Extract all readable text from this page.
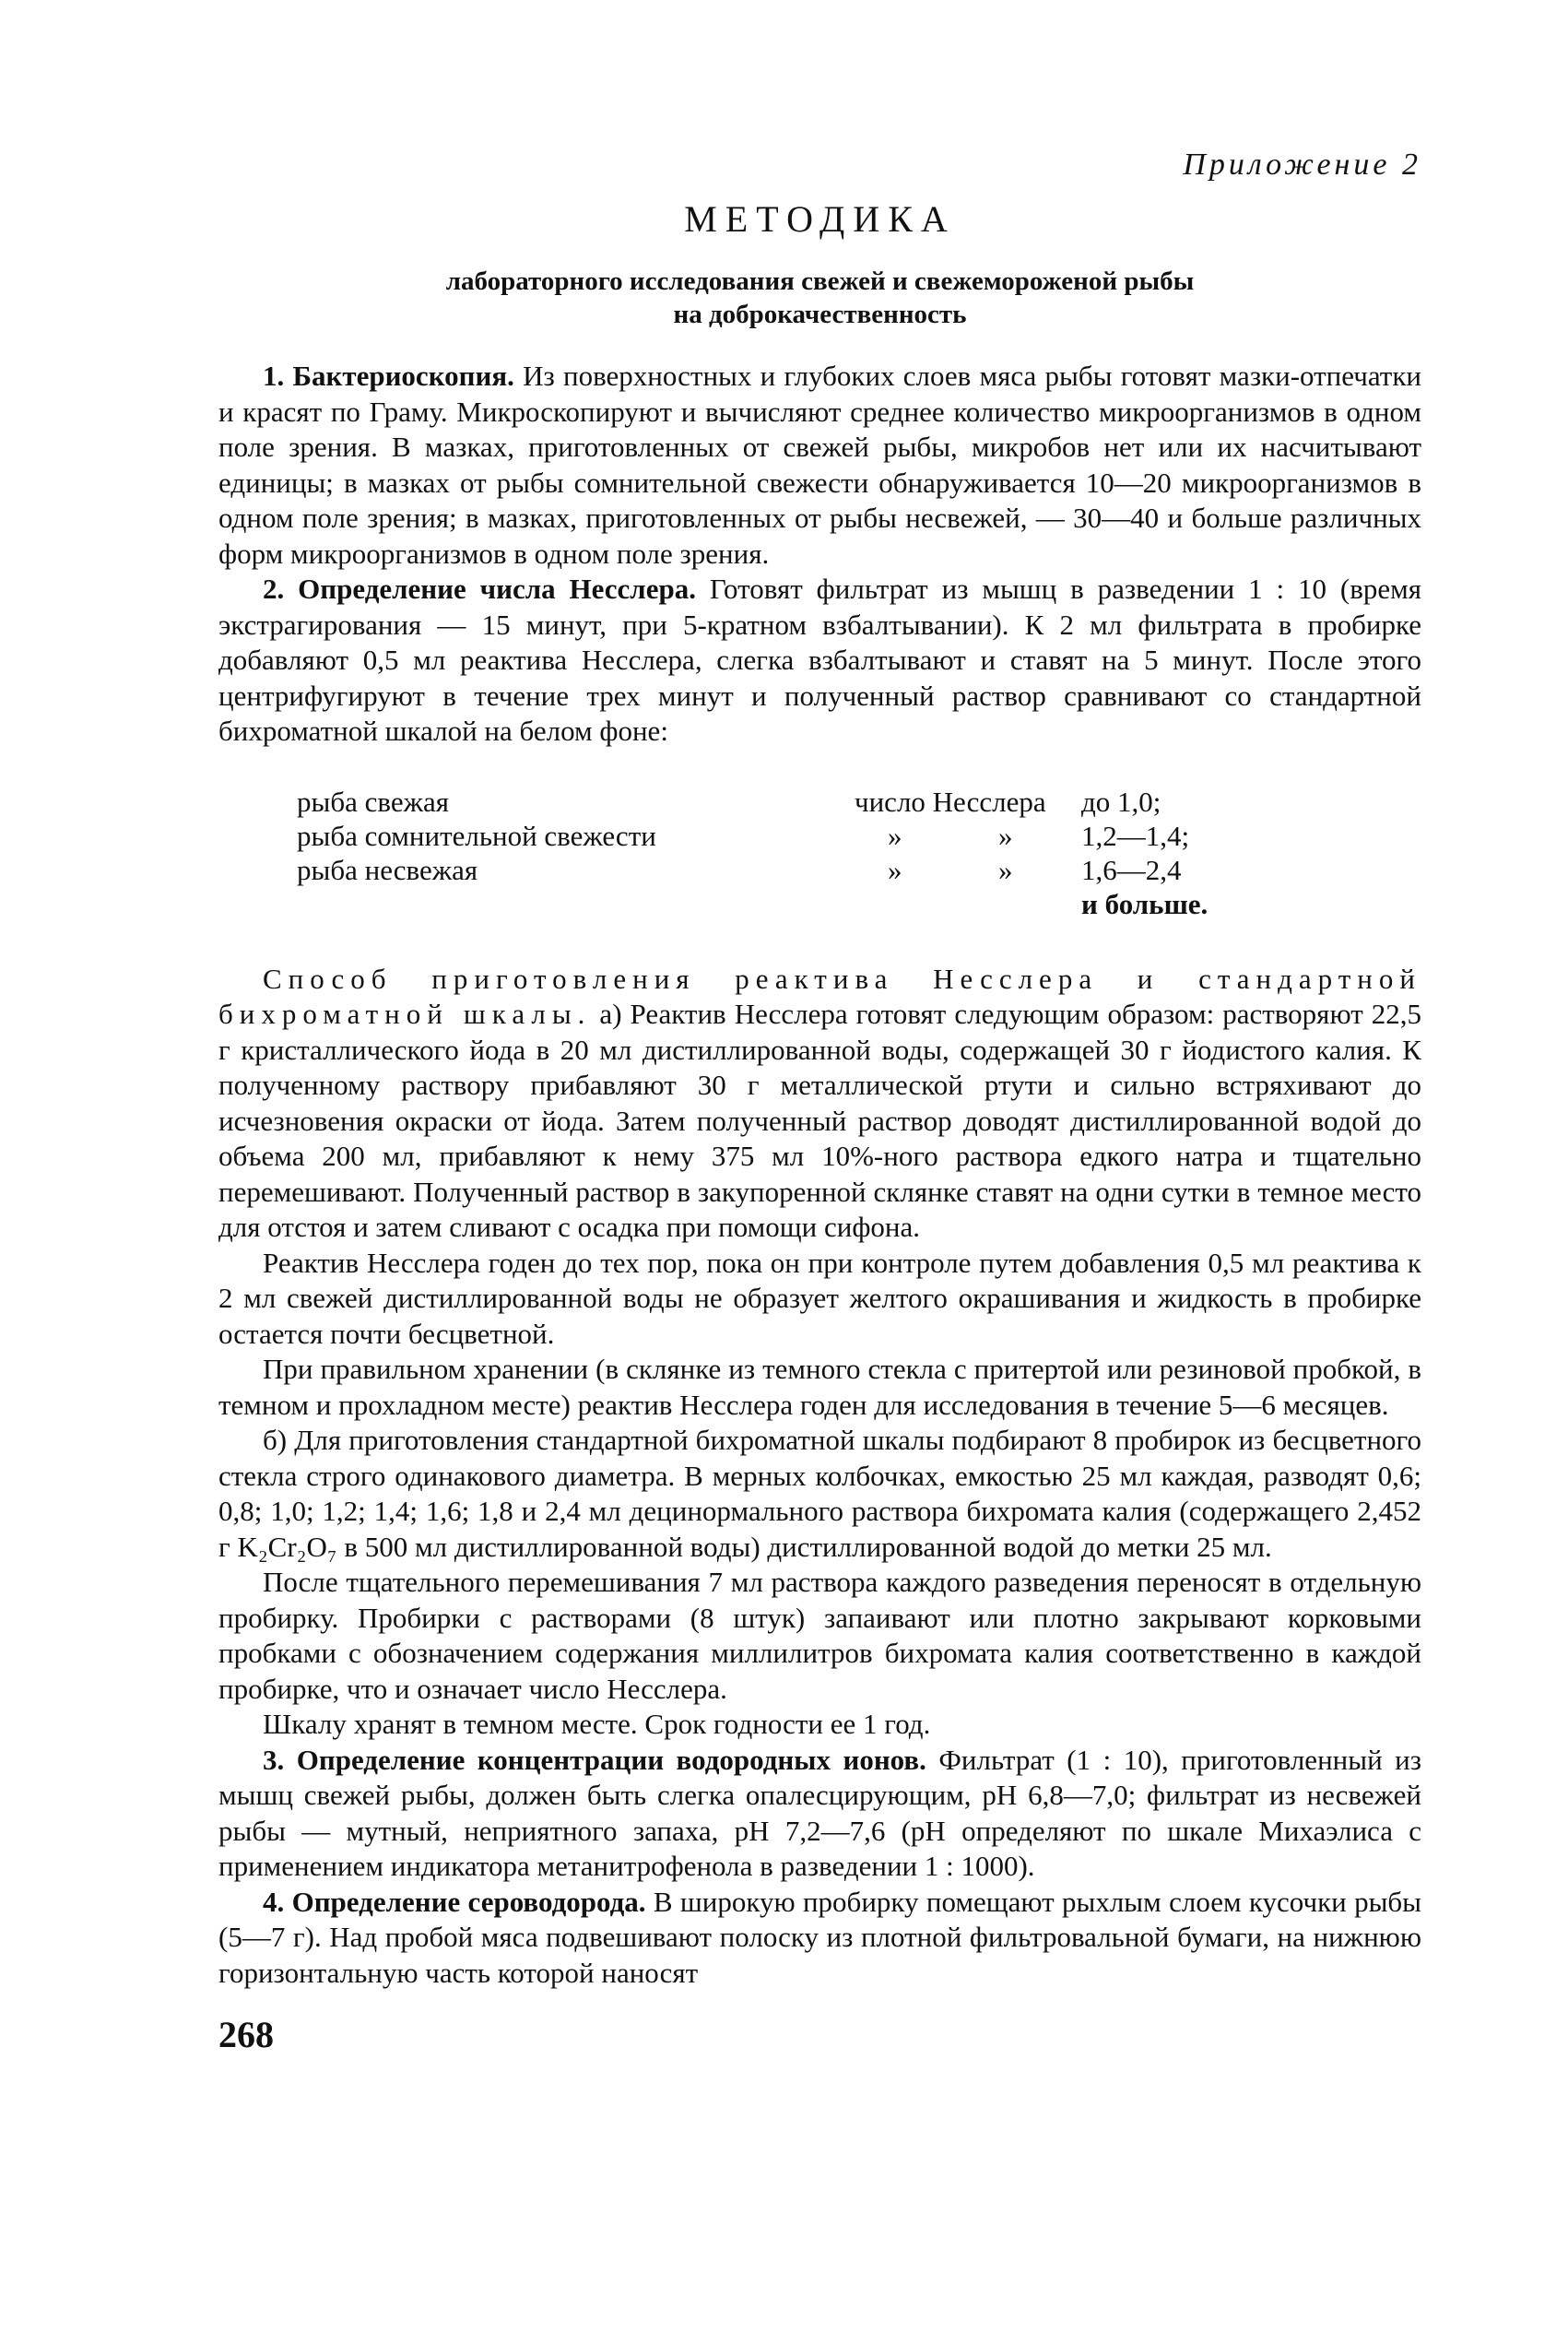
Приложение 2
МЕТОДИКА
лабораторного исследования свежей и свежемороженой рыбы
на доброкачественность

1. Бактериоскопия. Из поверхностных и глубоких слоев мяса рыбы готовят мазки-отпечатки и красят по Граму. Микроскопируют и вычисляют среднее количество микроорганизмов в одном поле зрения. В мазках, приготовленных от свежей рыбы, микробов нет или их насчитывают единицы; в мазках от рыбы сомнительной свежести обнаруживается 10—20 микроорганизмов в одном поле зрения; в мазках, приготовленных от рыбы несвежей, — 30—40 и больше различных форм микроорганизмов в одном поле зрения.

2. Определение числа Несслера. Готовят фильтрат из мышц в разведении 1 : 10 (время экстрагирования — 15 минут, при 5-кратном взбалтывании). К 2 мл фильтрата в пробирке добавляют 0,5 мл реактива Несслера, слегка взбалтывают и ставят на 5 минут. После этого центрифугируют в течение трех минут и полученный раствор сравнивают со стандартной бихроматной шкалой на белом фоне:

рыба свежая	число Несслера		до 1,0;
рыба сомнительной свежести	»	»	1,2—1,4;
рыба несвежая	»	»	1,6—2,4
			и больше.

Способ приготовления реактива Несслера и стандартной бихроматной шкалы. а) Реактив Несслера готовят следующим образом: растворяют 22,5 г кристаллического йода в 20 мл дистиллированной воды, содержащей 30 г йодистого калия. К полученному раствору прибавляют 30 г металлической ртути и сильно встряхивают до исчезновения окраски от йода. Затем полученный раствор доводят дистиллированной водой до объема 200 мл, прибавляют к нему 375 мл 10%-ного раствора едкого натра и тщательно перемешивают. Полученный раствор в закупоренной склянке ставят на одни сутки в темное место для отстоя и затем сливают с осадка при помощи сифона.

Реактив Несслера годен до тех пор, пока он при контроле путем добавления 0,5 мл реактива к 2 мл свежей дистиллированной воды не образует желтого окрашивания и жидкость в пробирке остается почти бесцветной.

При правильном хранении (в склянке из темного стекла с притертой или резиновой пробкой, в темном и прохладном месте) реактив Несслера годен для исследования в течение 5—6 месяцев.

б) Для приготовления стандартной бихроматной шкалы подбирают 8 пробирок из бесцветного стекла строго одинакового диаметра. В мерных колбочках, емкостью 25 мл каждая, разводят 0,6; 0,8; 1,0; 1,2; 1,4; 1,6; 1,8 и 2,4 мл децинормального раствора бихромата калия (содержащего 2,452 г K₂Cr₂O₇ в 500 мл дистиллированной воды) дистиллированной водой до метки 25 мл.

После тщательного перемешивания 7 мл раствора каждого разведения переносят в отдельную пробирку. Пробирки с растворами (8 штук) запаивают или плотно закрывают корковыми пробками с обозначением содержания миллилитров бихромата калия соответственно в каждой пробирке, что и означает число Несслера.

Шкалу хранят в темном месте. Срок годности ее 1 год.

3. Определение концентрации водородных ионов. Фильтрат (1 : 10), приготовленный из мышц свежей рыбы, должен быть слегка опалесцирующим, pH 6,8—7,0; фильтрат из несвежей рыбы — мутный, неприятного запаха, pH 7,2—7,6 (pH определяют по шкале Михаэлиса с применением индикатора метанитрофенола в разведении 1 : 1000).

4. Определение сероводорода. В широкую пробирку помещают рыхлым слоем кусочки рыбы (5—7 г). Над пробой мяса подвешивают полоску из плотной фильтровальной бумаги, на нижнюю горизонтальную часть которой наносят

268
